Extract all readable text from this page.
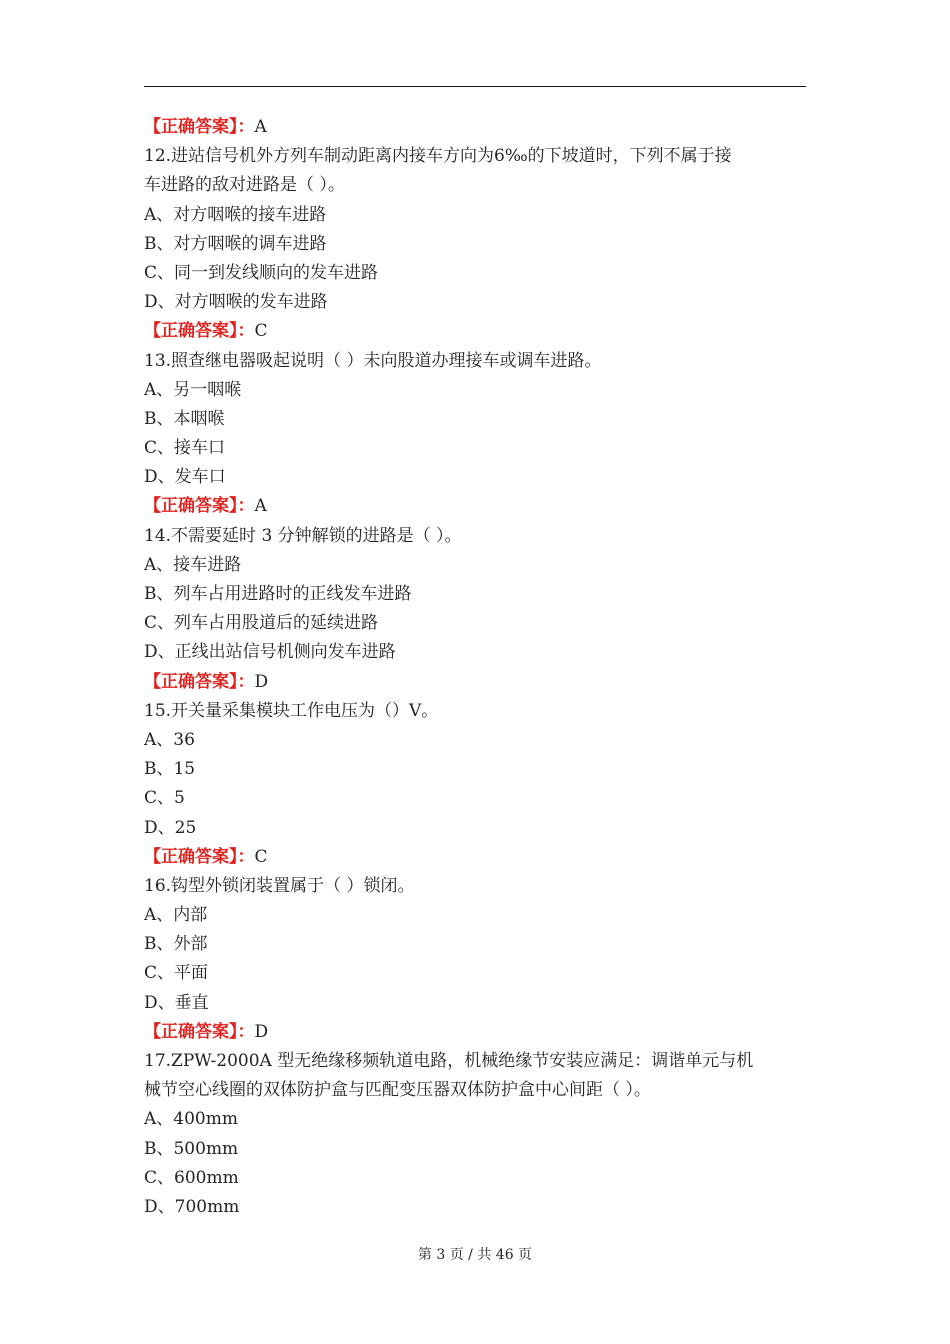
【正确答案】：A
12.进站信号机外方列车制动距离内接车方向为6‰的下坡道时，下列不属于接
车进路的敌对进路是（ ）。
A、对方咽喉的接车进路
B、对方咽喉的调车进路
C、同一到发线顺向的发车进路
D、对方咽喉的发车进路
【正确答案】：C
13.照查继电器吸起说明（ ）未向股道办理接车或调车进路。
A、另一咽喉
B、本咽喉
C、接车口
D、发车口
【正确答案】：A
14.不需要延时 3 分钟解锁的进路是（ ）。
A、接车进路
B、列车占用进路时的正线发车进路
C、列车占用股道后的延续进路
D、正线出站信号机侧向发车进路
【正确答案】：D
15.开关量采集模块工作电压为（）V。
A、36
B、15
C、5
D、25
【正确答案】：C
16.钩型外锁闭装置属于（ ）锁闭。
A、内部
B、外部
C、平面
D、垂直
【正确答案】：D
17.ZPW-2000A 型无绝缘移频轨道电路，机械绝缘节安装应满足：调谐单元与机
械节空心线圈的双体防护盒与匹配变压器双体防护盒中心间距（ ）。
A、400mm
B、500mm
C、600mm
D、700mm
第 3 页 / 共 46 页
